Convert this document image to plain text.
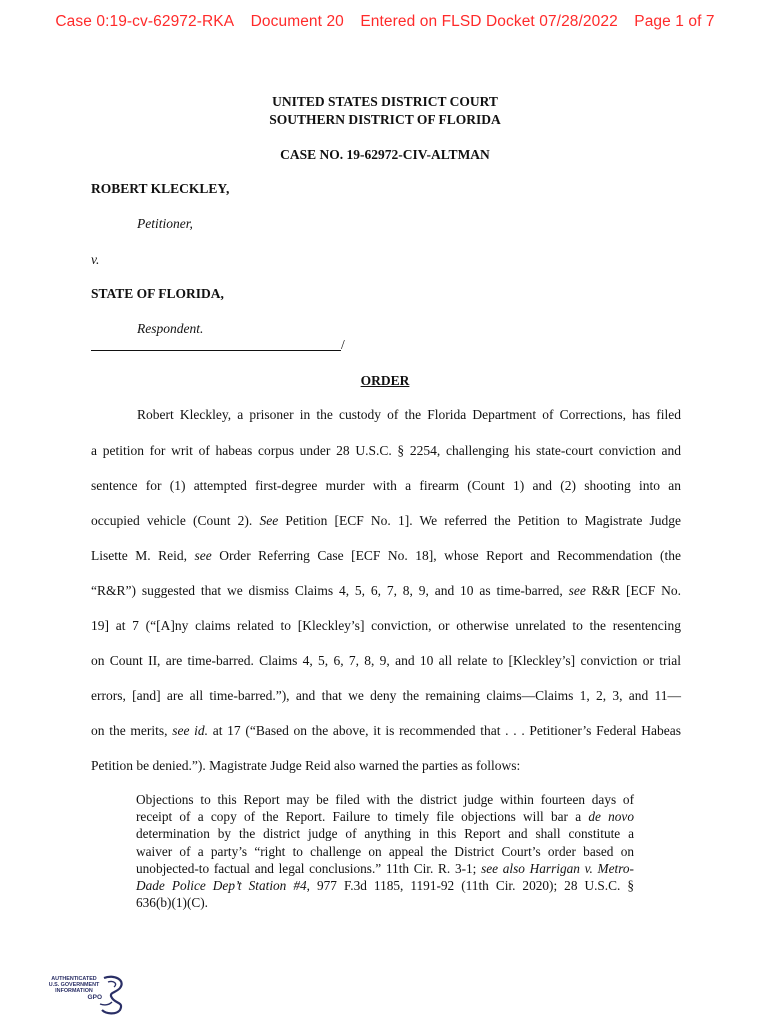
Case 0:19-cv-62972-RKA Document 20 Entered on FLSD Docket 07/28/2022 Page 1 of 7
UNITED STATES DISTRICT COURT
SOUTHERN DISTRICT OF FLORIDA
CASE NO. 19-62972-CIV-ALTMAN
ROBERT KLECKLEY,
Petitioner,
v.
STATE OF FLORIDA,
Respondent.
/
ORDER
Robert Kleckley, a prisoner in the custody of the Florida Department of Corrections, has filed
a petition for writ of habeas corpus under 28 U.S.C. § 2254, challenging his state-court conviction and
sentence for (1) attempted first-degree murder with a firearm (Count 1) and (2) shooting into an
occupied vehicle (Count 2). See Petition [ECF No. 1]. We referred the Petition to Magistrate Judge
Lisette M. Reid, see Order Referring Case [ECF No. 18], whose Report and Recommendation (the
“R&R”) suggested that we dismiss Claims 4, 5, 6, 7, 8, 9, and 10 as time-barred, see R&R [ECF No.
19] at 7 (“[A]ny claims related to [Kleckley’s] conviction, or otherwise unrelated to the resentencing
on Count II, are time-barred. Claims 4, 5, 6, 7, 8, 9, and 10 all relate to [Kleckley’s] conviction or trial
errors, [and] are all time-barred.”), and that we deny the remaining claims—Claims 1, 2, 3, and 11—
on the merits, see id. at 17 (“Based on the above, it is recommended that . . . Petitioner’s Federal Habeas
Petition be denied.”). Magistrate Judge Reid also warned the parties as follows:
Objections to this Report may be filed with the district judge within fourteen days of
receipt of a copy of the Report. Failure to timely file objections will bar a de novo
determination by the district judge of anything in this Report and shall constitute a
waiver of a party’s “right to challenge on appeal the District Court’s order based on
unobjected-to factual and legal conclusions.” 11th Cir. R. 3-1; see also Harrigan v. Metro-
Dade Police Dep’t Station #4, 977 F.3d 1185, 1191-92 (11th Cir. 2020); 28 U.S.C. §
636(b)(1)(C).
AUTHENTICATED
U.S. GOVERNMENT
INFORMATION
GPO
